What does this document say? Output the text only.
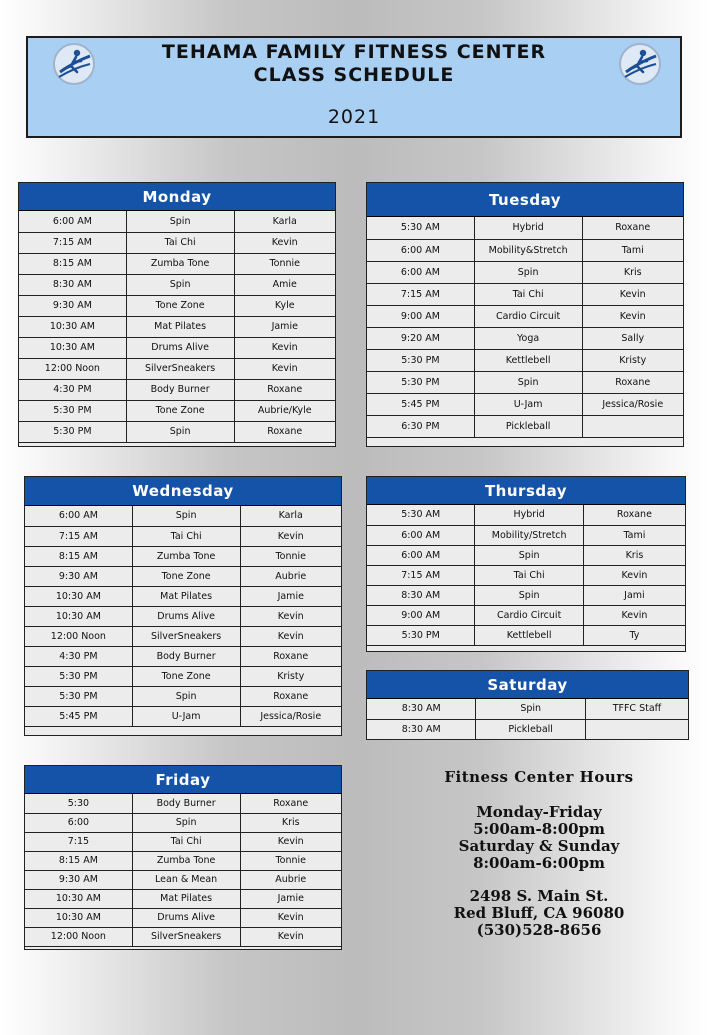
TEHAMA FAMILY FITNESS CENTER
CLASS SCHEDULE
2021
Monday
6:00 AM	Spin	Karla
7:15 AM	Tai Chi	Kevin
8:15 AM	Zumba Tone	Tonnie
8:30 AM	Spin	Amie
9:30 AM	Tone Zone	Kyle
10:30 AM	Mat Pilates	Jamie
10:30 AM	Drums Alive	Kevin
12:00 Noon	SilverSneakers	Kevin
4:30 PM	Body Burner	Roxane
5:30 PM	Tone Zone	Aubrie/Kyle
5:30 PM	Spin	Roxane
Tuesday
5:30 AM	Hybrid	Roxane
6:00 AM	Mobility&Stretch	Tami
6:00 AM	Spin	Kris
7:15 AM	Tai Chi	Kevin
9:00 AM	Cardio Circuit	Kevin
9:20 AM	Yoga	Sally
5:30 PM	Kettlebell	Kristy
5:30 PM	Spin	Roxane
5:45 PM	U-Jam	Jessica/Rosie
6:30 PM	Pickleball	
Wednesday
6:00 AM	Spin	Karla
7:15 AM	Tai Chi	Kevin
8:15 AM	Zumba Tone	Tonnie
9:30 AM	Tone Zone	Aubrie
10:30 AM	Mat Pilates	Jamie
10:30 AM	Drums Alive	Kevin
12:00 Noon	SilverSneakers	Kevin
4:30 PM	Body Burner	Roxane
5:30 PM	Tone Zone	Kristy
5:30 PM	Spin	Roxane
5:45 PM	U-Jam	Jessica/Rosie
Thursday
5:30 AM	Hybrid	Roxane
6:00 AM	Mobility/Stretch	Tami
6:00 AM	Spin	Kris
7:15 AM	Tai Chi	Kevin
8:30 AM	Spin	Jami
9:00 AM	Cardio Circuit	Kevin
5:30 PM	Kettlebell	Ty
Saturday
8:30 AM	Spin	TFFC Staff
8:30 AM	Pickleball	
Friday
5:30	Body Burner	Roxane
6:00	Spin	Kris
7:15	Tai Chi	Kevin
8:15 AM	Zumba Tone	Tonnie
9:30 AM	Lean & Mean	Aubrie
10:30 AM	Mat Pilates	Jamie
10:30 AM	Drums Alive	Kevin
12:00 Noon	SilverSneakers	Kevin
Fitness Center Hours
Monday-Friday
5:00am-8:00pm
Saturday & Sunday
8:00am-6:00pm
2498 S. Main St.
Red Bluff, CA 96080
(530)528-8656
